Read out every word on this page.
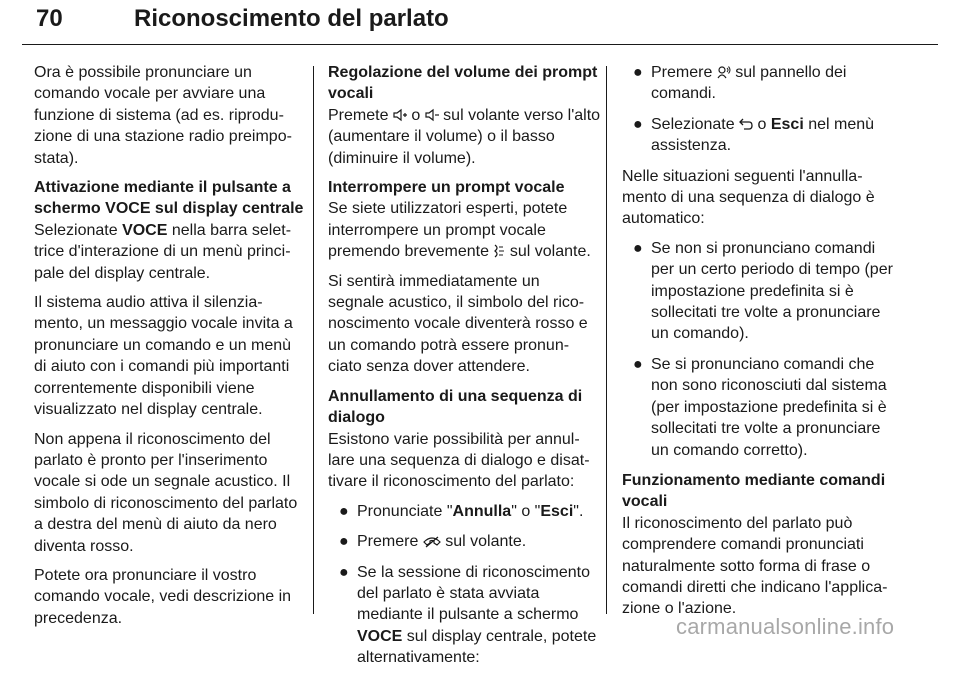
70	Riconoscimento del parlato

Ora è possibile pronunciare un comando vocale per avviare una funzione di sistema (ad es. riprodu- zione di una stazione radio preimpo- stata).

Attivazione mediante il pulsante a
schermo VOCE sul display centrale

Selezionate VOCE nella barra selet- trice d'interazione di un menù princi- pale del display centrale.

Il sistema audio attiva il silenzia- mento, un messaggio vocale invita a pronunciare un comando e un menù di aiuto con i comandi più importanti correntemente disponibili viene visualizzato nel display centrale.

Non appena il riconoscimento del parlato è pronto per l'inserimento vocale si ode un segnale acustico. Il simbolo di riconoscimento del parlato a destra del menù di aiuto da nero diventa rosso.

Potete ora pronunciare il vostro comando vocale, vedi descrizione in precedenza.

Regolazione del volume dei prompt
vocali

Premete
o
sul volante verso l'alto
(aumentare il volume) o il basso (diminuire il volume).

Interrompere un prompt vocale

Se siete utilizzatori esperti, potete interrompere un prompt vocale premendo brevemente
sul volante.

Si sentirà immediatamente un segnale acustico, il simbolo del rico- noscimento vocale diventerà rosso e un comando potrà essere pronun- ciato senza dover attendere.

Annullamento di una sequenza di
dialogo

Esistono varie possibilità per annul- lare una sequenza di dialogo e disat- tivare il riconoscimento del parlato:

● Pronunciate "Annulla" o "Esci".
● Premere
sul volante.
● Se la sessione di riconoscimento del parlato è stata avviata mediante il pulsante a schermo VOCE sul display centrale, potete alternativamente:
● Premere
sul pannello dei comandi.
● Selezionate
o Esci nel menù assistenza.

Nelle situazioni seguenti l'annulla- mento di una sequenza di dialogo è automatico:

● Se non si pronunciano comandi per un certo periodo di tempo (per impostazione predefinita si è sollecitati tre volte a pronunciare un comando).
● Se si pronunciano comandi che non sono riconosciuti dal sistema (per impostazione predefinita si è sollecitati tre volte a pronunciare un comando corretto).
Funzionamento mediante comandi
vocali

Il riconoscimento del parlato può comprendere comandi pronunciati naturalmente sotto forma di frase o comandi diretti che indicano l'applica- zione o l'azione.

carmanualsonline.info
